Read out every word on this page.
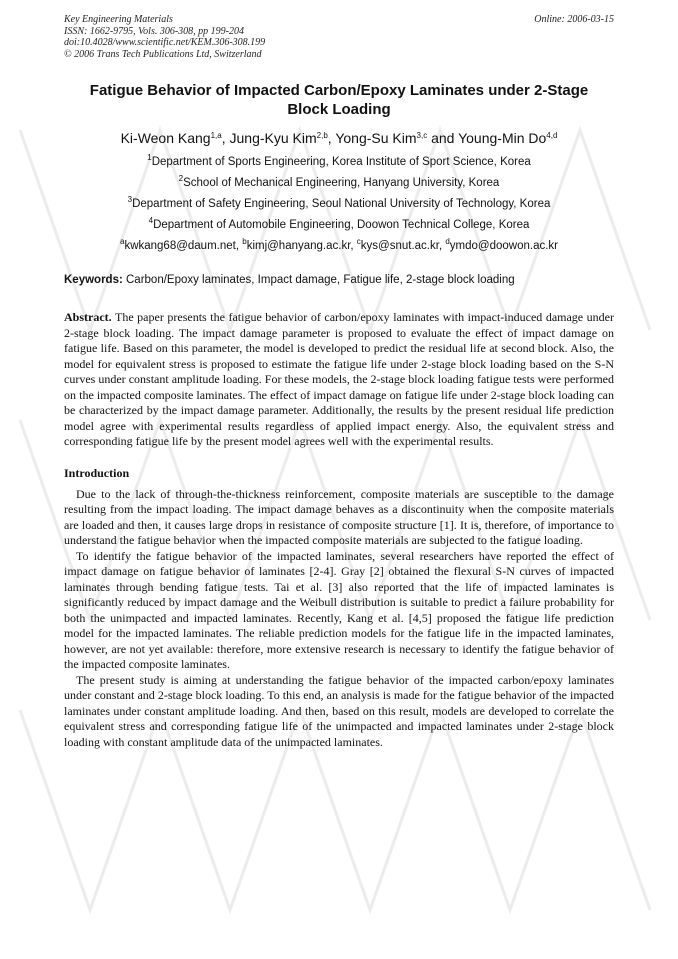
Key Engineering Materials
ISSN: 1662-9795, Vols. 306-308, pp 199-204
doi:10.4028/www.scientific.net/KEM.306-308.199
© 2006 Trans Tech Publications Ltd, Switzerland
Online: 2006-03-15
Fatigue Behavior of Impacted Carbon/Epoxy Laminates under 2-Stage
Block Loading
Ki-Weon Kang$^{1,a}$, Jung-Kyu Kim$^{2,b}$, Yong-Su Kim$^{3,c}$ and Young-Min Do$^{4,d}$
$^1$Department of Sports Engineering, Korea Institute of Sport Science, Korea
$^2$School of Mechanical Engineering, Hanyang University, Korea
$^3$Department of Safety Engineering, Seoul National University of Technology, Korea
$^4$Department of Automobile Engineering, Doowon Technical College, Korea
$^a$kwkang68@daum.net, $^b$kimj@hanyang.ac.kr, $^c$kys@snut.ac.kr, $^d$ymdo@doowon.ac.kr
Keywords: Carbon/Epoxy laminates, Impact damage, Fatigue life, 2-stage block loading

Abstract. The paper presents the fatigue behavior of carbon/epoxy laminates with impact-induced damage under 2-stage block loading. The impact damage parameter is proposed to evaluate the effect of impact damage on fatigue life. Based on this parameter, the model is developed to predict the residual life at second block. Also, the model for equivalent stress is proposed to estimate the fatigue life under 2-stage block loading based on the S-N curves under constant amplitude loading. For these models, the 2-stage block loading fatigue tests were performed on the impacted composite laminates. The effect of impact damage on fatigue life under 2-stage block loading can be characterized by the impact damage parameter. Additionally, the results by the present residual life prediction model agree with experimental results regardless of applied impact energy. Also, the equivalent stress and corresponding fatigue life by the present model agrees well with the experimental results.

Introduction

Due to the lack of through-the-thickness reinforcement, composite materials are susceptible to the damage resulting from the impact loading. The impact damage behaves as a discontinuity when the composite materials are loaded and then, it causes large drops in resistance of composite structure [1]. It is, therefore, of importance to understand the fatigue behavior when the impacted composite materials are subjected to the fatigue loading.

To identify the fatigue behavior of the impacted laminates, several researchers have reported the effect of impact damage on fatigue behavior of laminates [2-4]. Gray [2] obtained the flexural S-N curves of impacted laminates through bending fatigue tests. Tai et al. [3] also reported that the life of impacted laminates is significantly reduced by impact damage and the Weibull distribution is suitable to predict a failure probability for both the unimpacted and impacted laminates. Recently, Kang et al. [4,5] proposed the fatigue life prediction model for the impacted laminates. The reliable prediction models for the fatigue life in the impacted laminates, however, are not yet available: therefore, more extensive research is necessary to identify the fatigue behavior of the impacted composite laminates.

The present study is aiming at understanding the fatigue behavior of the impacted carbon/epoxy laminates under constant and 2-stage block loading. To this end, an analysis is made for the fatigue behavior of the impacted laminates under constant amplitude loading. And then, based on this result, models are developed to correlate the equivalent stress and corresponding fatigue life of the unimpacted and impacted laminates under 2-stage block loading with constant amplitude data of the unimpacted laminates.
